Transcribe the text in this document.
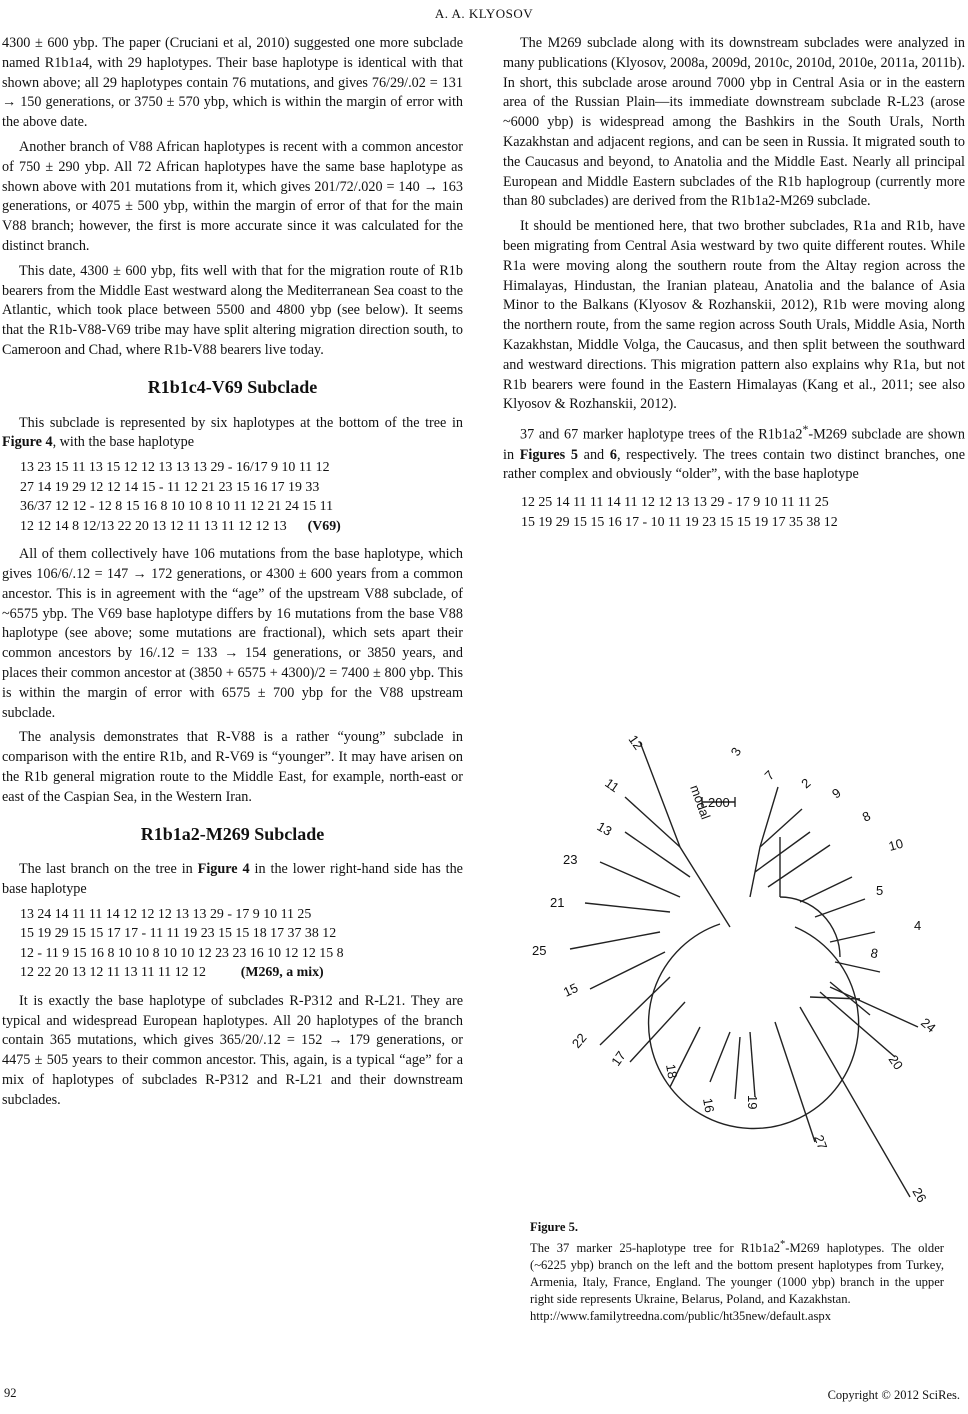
A. A. KLYOSOV

4300 ± 600 ybp. The paper (Cruciani et al, 2010) suggested one more subclade named R1b1a4, with 29 haplotypes. Their base haplotype is identical with that shown above; all 29 haplotypes contain 76 mutations, and gives 76/29/.02 = 131 → 150 generations, or 3750 ± 570 ybp, which is within the margin of error with the above date.

Another branch of V88 African haplotypes is recent with a common ancestor of 750 ± 290 ybp. All 72 African haplotypes have the same base haplotype as shown above with 201 mutations from it, which gives 201/72/.020 = 140 → 163 generations, or 4075 ± 500 ybp, within the margin of error of that for the main V88 branch; however, the first is more accurate since it was calculated for the distinct branch.

This date, 4300 ± 600 ybp, fits well with that for the migration route of R1b bearers from the Middle East westward along the Mediterranean Sea coast to the Atlantic, which took place between 5500 and 4800 ybp (see below). It seems that the R1b-V88-V69 tribe may have split altering migration direction south, to Cameroon and Chad, where R1b-V88 bearers live today.

R1b1c4-V69 Subclade

This subclade is represented by six haplotypes at the bottom of the tree in Figure 4, with the base haplotype

13 23 15 11 13 15 12 12 13 13 13 29 - 16/17 9 10 11 12
27 14 19 29 12 12 14 15 - 11 12 21 23 15 16 17 19 33
36/37 12 12 - 12 8 15 16 8 10 10 8 10 11 12 21 24 15 11
12 12 14 8 12/13 22 20 13 12 11 13 11 12 12 13 (V69)

All of them collectively have 106 mutations from the base haplotype, which gives 106/6/.12 = 147 → 172 generations, or 4300 ± 600 years from a common ancestor. This is in agreement with the “age” of the upstream V88 subclade, of ~6575 ybp. The V69 base haplotype differs by 16 mutations from the base V88 haplotype (see above; some mutations are fractional), which sets apart their common ancestors by 16/.12 = 133 → 154 generations, or 3850 years, and places their common ancestor at (3850 + 6575 + 4300)/2 = 7400 ± 800 ybp. This is within the margin of error with 6575 ± 700 ybp for the V88 upstream subclade.

The analysis demonstrates that R-V88 is a rather “young” subclade in comparison with the entire R1b, and R-V69 is “younger”. It may have arisen on the R1b general migration route to the Middle East, for example, north-east or east of the Caspian Sea, in the Western Iran.

R1b1a2-M269 Subclade

The last branch on the tree in Figure 4 in the lower right-hand side has the base haplotype

13 24 14 11 11 14 12 12 12 13 13 29 - 17 9 10 11 25
15 19 29 15 15 17 17 - 11 11 19 23 15 15 18 17 37 38 12
12 - 11 9 15 16 8 10 10 8 10 10 12 23 23 16 10 12 12 15 8
12 22 20 13 12 11 13 11 11 12 12 (M269, a mix)

It is exactly the base haplotype of subclades R-P312 and R-L21. They are typical and widespread European haplotypes. All 20 haplotypes of the branch contain 365 mutations, which gives 365/20/.12 = 152 → 179 generations, or 4475 ± 505 years to their common ancestor. This, again, is a typical “age” for a mix of haplotypes of subclades R-P312 and R-L21 and their downstream subclades.

The M269 subclade along with its downstream subclades were analyzed in many publications (Klyosov, 2008a, 2009d, 2010c, 2010d, 2010e, 2011a, 2011b). In short, this subclade arose around 7000 ybp in Central Asia or in the eastern area of the Russian Plain—its immediate downstream subclade R-L23 (arose ~6000 ybp) is widespread among the Bashkirs in the South Urals, North Kazakhstan and adjacent regions, and can be seen in Russia. It migrated south to the Caucasus and beyond, to Anatolia and the Middle East. Nearly all principal European and Middle Eastern subclades of the R1b haplogroup (currently more than 80 subclades) are derived from the R1b1a2-M269 subclade.

It should be mentioned here, that two brother subclades, R1a and R1b, have been migrating from Central Asia westward by two quite different routes. While R1a were moving along the southern route from the Altay region across the Himalayas, Hindustan, the Iranian plateau, Anatolia and the balance of Asia Minor to the Balkans (Klyosov & Rozhanskii, 2012), R1b were moving along the northern route, from the same region across South Urals, Middle Asia, North Kazakhstan, Middle Volga, the Caucasus, and then split between the southward and westward directions. This migration pattern also explains why R1a, but not R1b bearers were found in the Eastern Himalayas (Kang et al., 2011; see also Klyosov & Rozhanskii, 2012).

37 and 67 marker haplotype trees of the R1b1a2*-M269 subclade are shown in Figures 5 and 6, respectively. The trees contain two distinct branches, one rather complex and obviously “older”, with the base haplotype

12 25 14 11 11 14 11 12 12 13 13 29 - 17 9 10 11 11 25
15 19 29 15 15 16 17 - 10 11 19 23 15 15 19 17 35 38 12
200
modal
12	3
7 2
9
8
10
5
4
8
24
20
26
27
19
16
18
17
22
15
25
21
23
13
11
Figure 5.
The 37 marker 25-haplotype tree for R1b1a2*-M269 haplotypes. The older (~6225 ybp) branch on the left and the bottom present haplotypes from Turkey, Armenia, Italy, France, England. The younger (1000 ybp) branch in the upper right side represents Ukraine, Belarus, Poland, and Kazakhstan.
http://www.familytreedna.com/public/ht35new/default.aspx
92	Copyright © 2012 SciRes.
